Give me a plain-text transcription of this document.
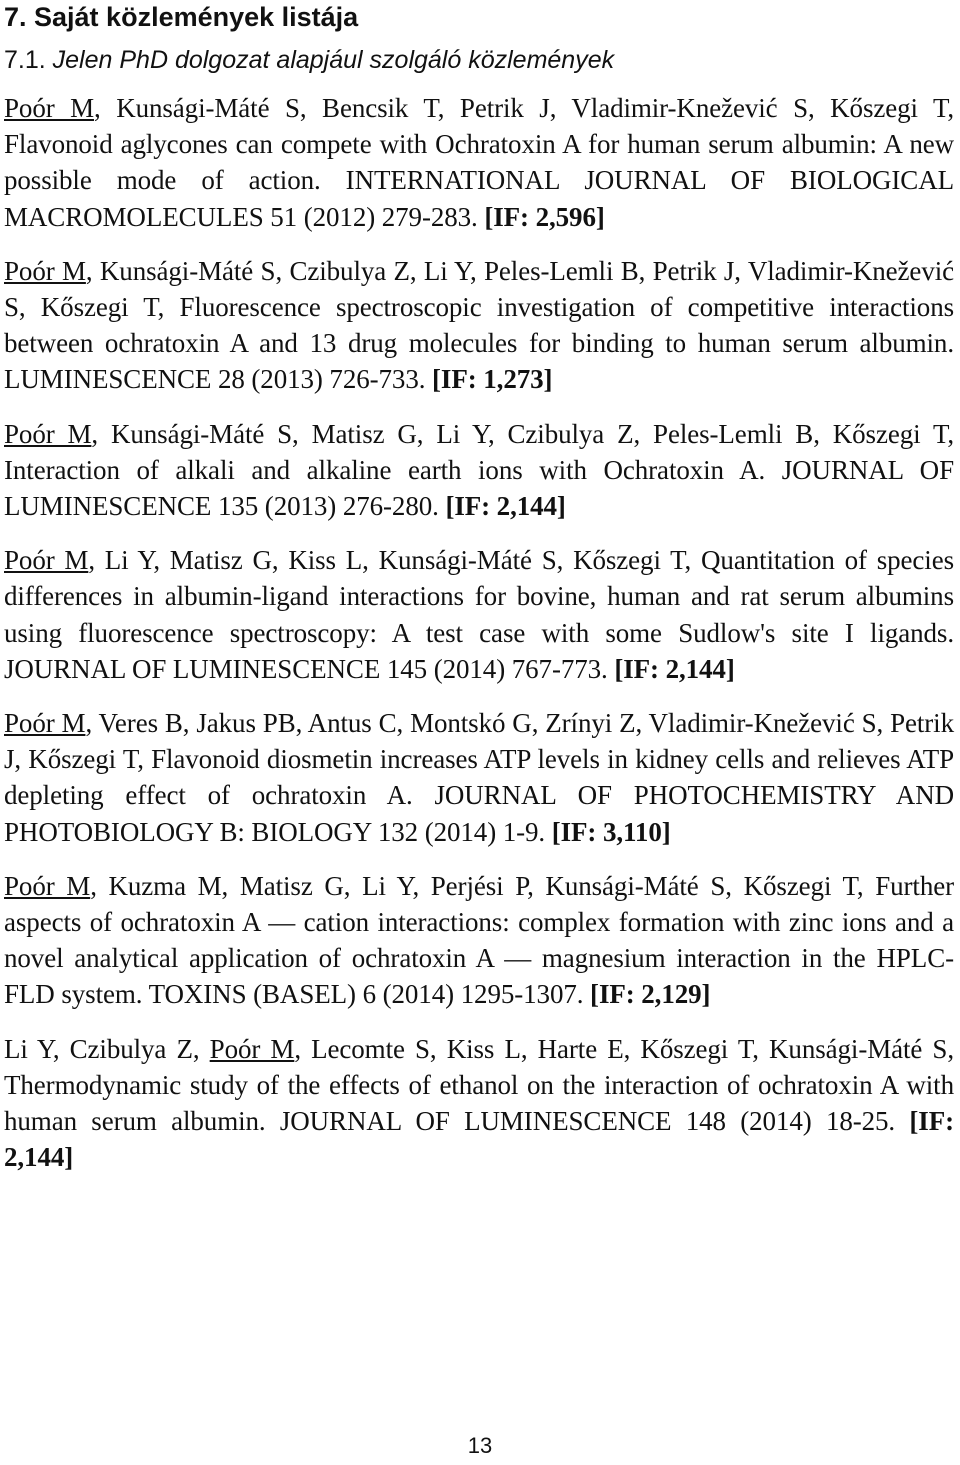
7. Saját közlemények listája
7.1. Jelen PhD dolgozat alapjául szolgáló közlemények

Poór M, Kunsági-Máté S, Bencsik T, Petrik J, Vladimir-Knežević S, Kőszegi T, Flavonoid aglycones can compete with Ochratoxin A for human serum albumin: A new possible mode of action. INTERNATIONAL JOURNAL OF BIOLOGICAL MACROMOLECULES 51 (2012) 279-283. [IF: 2,596]

Poór M, Kunsági-Máté S, Czibulya Z, Li Y, Peles-Lemli B, Petrik J, Vladimir-Knežević S, Kőszegi T, Fluorescence spectroscopic investigation of competitive interactions between ochratoxin A and 13 drug molecules for binding to human serum albumin. LUMINESCENCE 28 (2013) 726-733. [IF: 1,273]

Poór M, Kunsági-Máté S, Matisz G, Li Y, Czibulya Z, Peles-Lemli B, Kőszegi T, Interaction of alkali and alkaline earth ions with Ochratoxin A. JOURNAL OF LUMINESCENCE 135 (2013) 276-280. [IF: 2,144]

Poór M, Li Y, Matisz G, Kiss L, Kunsági-Máté S, Kőszegi T, Quantitation of species differences in albumin-ligand interactions for bovine, human and rat serum albumins using fluorescence spectroscopy: A test case with some Sudlow's site I ligands. JOURNAL OF LUMINESCENCE 145 (2014) 767-773. [IF: 2,144]

Poór M, Veres B, Jakus PB, Antus C, Montskó G, Zrínyi Z, Vladimir-Knežević S, Petrik J, Kőszegi T, Flavonoid diosmetin increases ATP levels in kidney cells and relieves ATP depleting effect of ochratoxin A. JOURNAL OF PHOTOCHEMISTRY AND PHOTOBIOLOGY B: BIOLOGY 132 (2014) 1-9. [IF: 3,110]

Poór M, Kuzma M, Matisz G, Li Y, Perjési P, Kunsági-Máté S, Kőszegi T, Further aspects of ochratoxin A ― cation interactions: complex formation with zinc ions and a novel analytical application of ochratoxin A ― magnesium interaction in the HPLC-FLD system. TOXINS (BASEL) 6 (2014) 1295-1307. [IF: 2,129]

Li Y, Czibulya Z, Poór M, Lecomte S, Kiss L, Harte E, Kőszegi T, Kunsági-Máté S, Thermodynamic study of the effects of ethanol on the interaction of ochratoxin A with human serum albumin. JOURNAL OF LUMINESCENCE 148 (2014) 18-25. [IF: 2,144]

13
